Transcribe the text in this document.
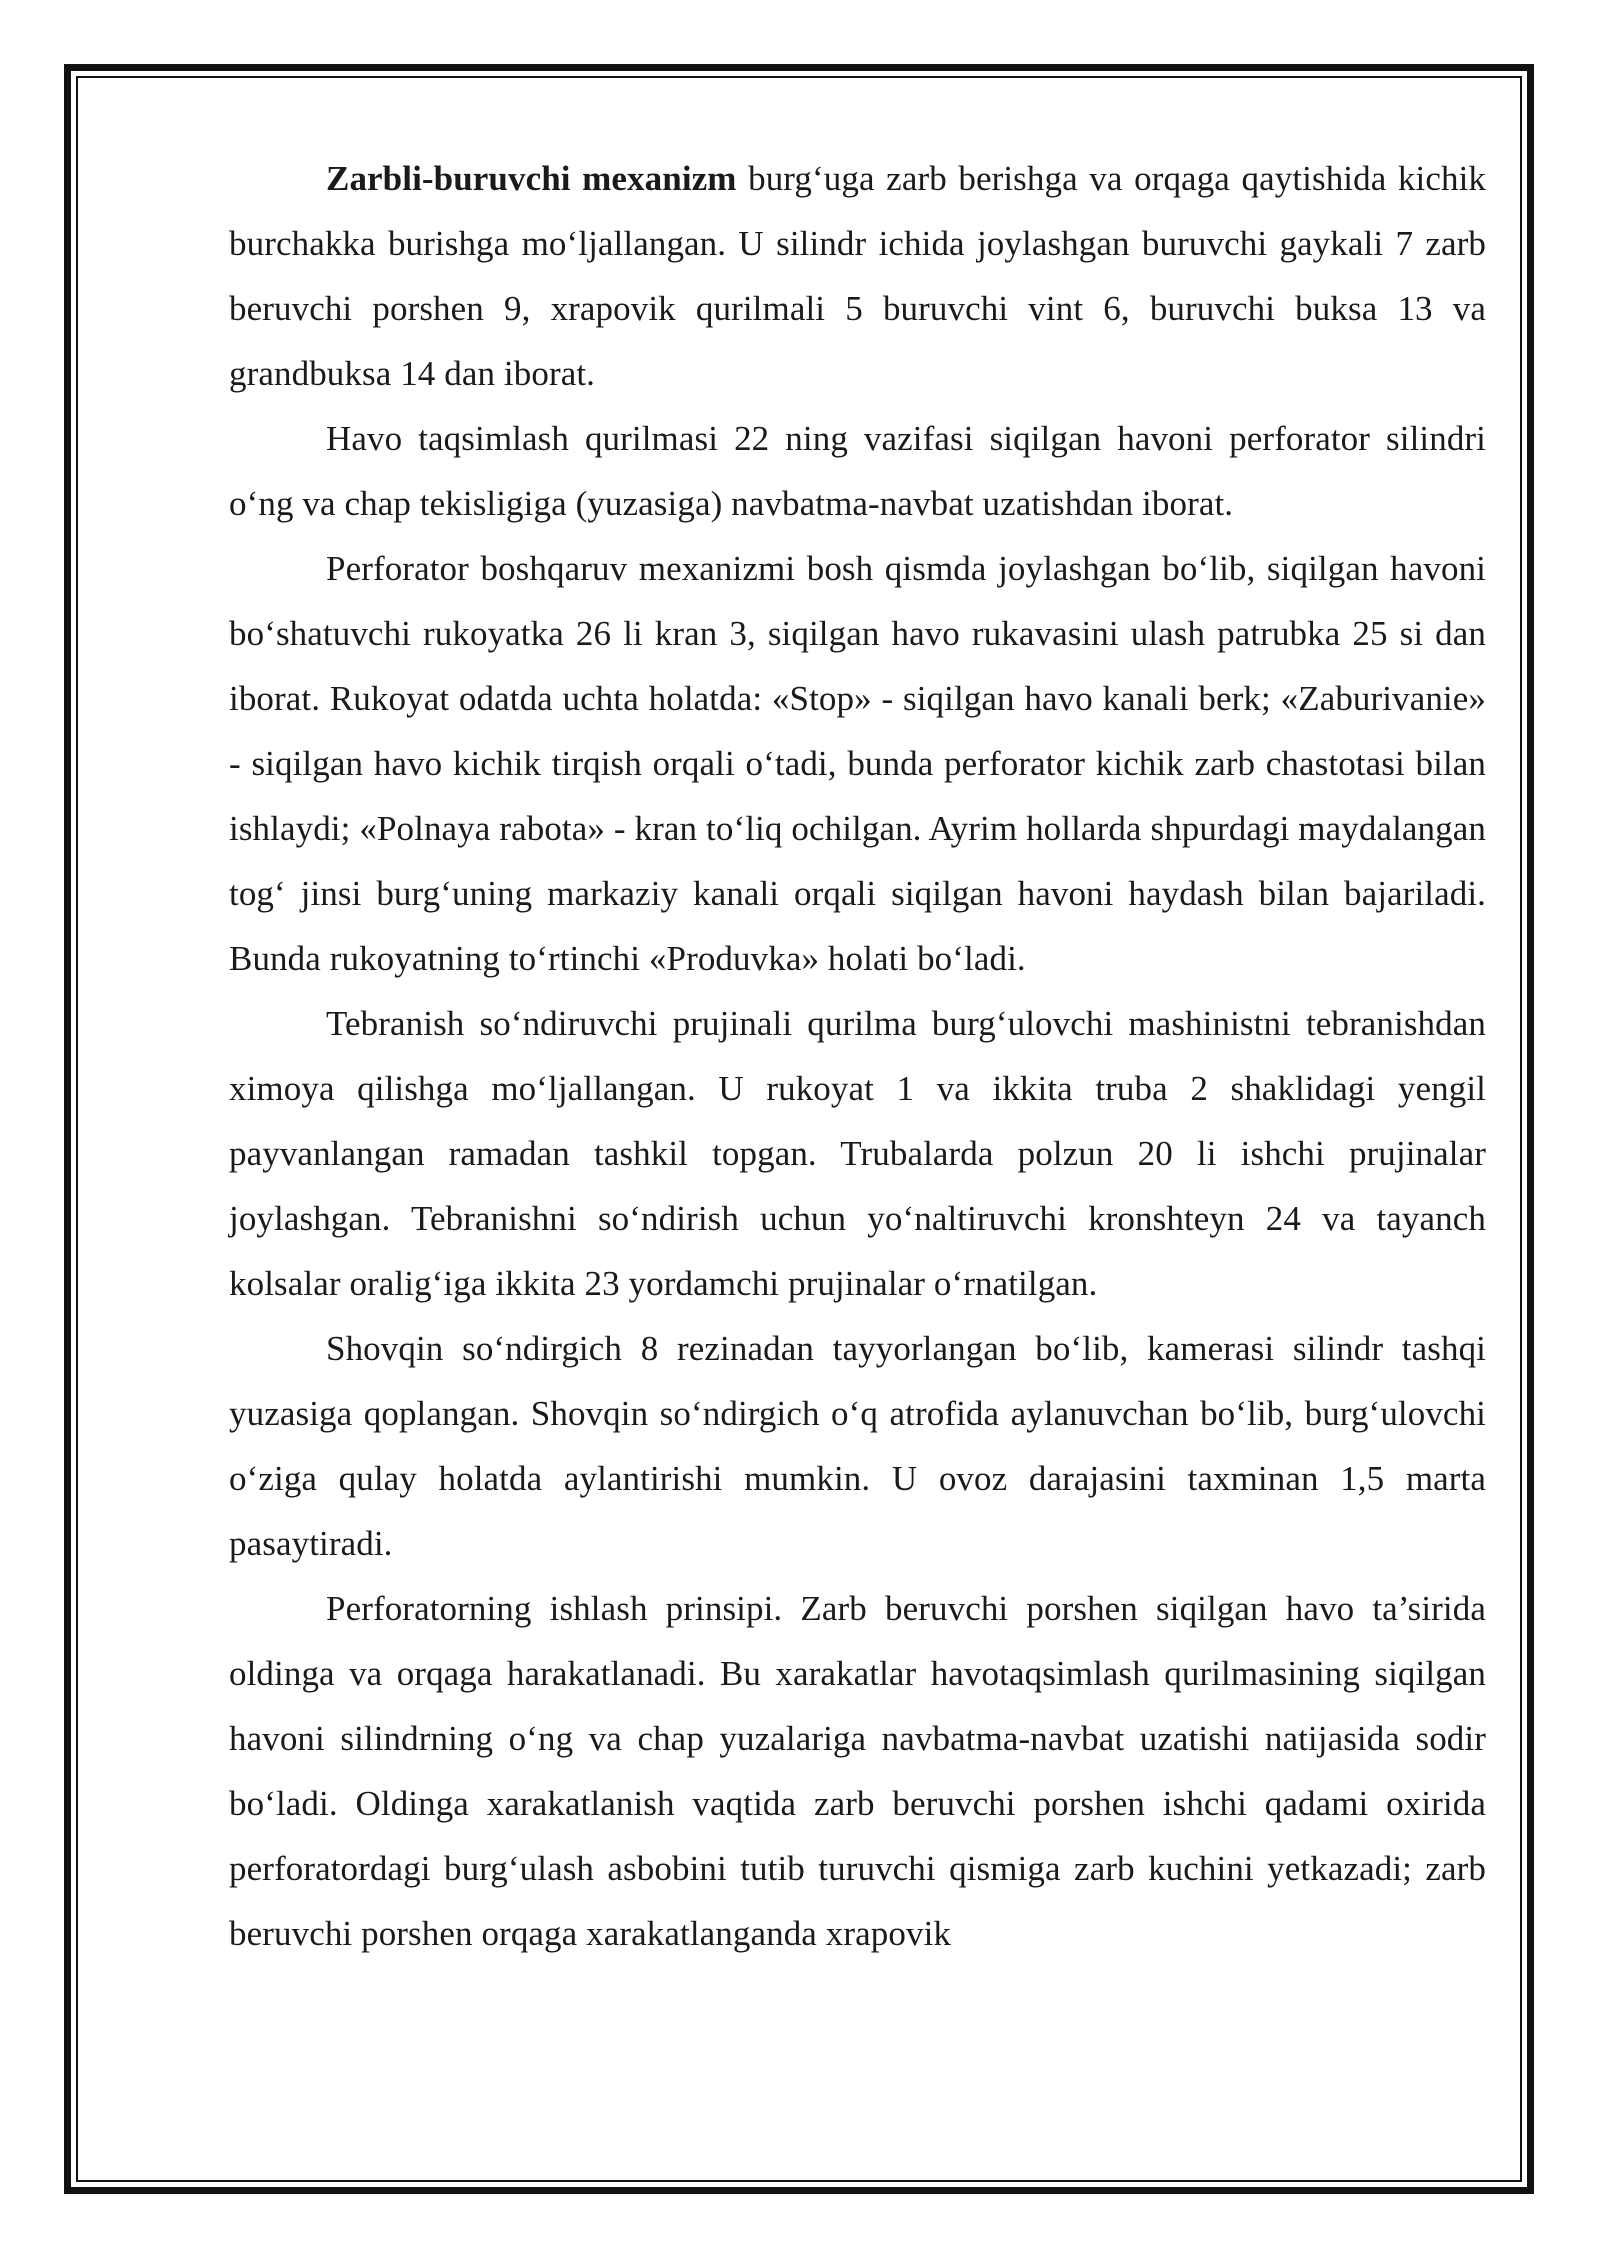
Zarbli-buruvchi mexanizm burg‘uga zarb berishga va orqaga qaytishida kichik burchakka burishga mo‘ljallangan. U silindr ichida joylashgan buruvchi gaykali 7 zarb beruvchi porshen 9, xrapovik qurilmali 5 buruvchi vint 6, buruvchi buksa 13 va grandbuksa 14 dan iborat.

Havo taqsimlash qurilmasi 22 ning vazifasi siqilgan havoni perforator silindri o‘ng va chap tekisligiga (yuzasiga) navbatma-navbat uzatishdan iborat.

Perforator boshqaruv mexanizmi bosh qismda joylashgan bo‘lib, siqilgan havoni bo‘shatuvchi rukoyatka 26 li kran 3, siqilgan havo rukavasini ulash patrubka 25 si dan iborat. Rukoyat odatda uchta holatda: «Stop» - siqilgan havo kanali berk; «Zaburivanie» - siqilgan havo kichik tirqish orqali o‘tadi, bunda perforator kichik zarb chastotasi bilan ishlaydi; «Polnaya rabota» - kran to‘liq ochilgan. Ayrim hollarda shpurdagi maydalangan tog‘ jinsi burg‘uning markaziy kanali orqali siqilgan havoni haydash bilan bajariladi. Bunda rukoyatning to‘rtinchi «Produvka» holati bo‘ladi.

Tebranish so‘ndiruvchi prujinali qurilma burg‘ulovchi mashinistni tebranishdan ximoya qilishga mo‘ljallangan. U rukoyat 1 va ikkita truba 2 shaklidagi yengil payvanlangan ramadan tashkil topgan. Trubalarda polzun 20 li ishchi prujinalar joylashgan. Tebranishni so‘ndirish uchun yo‘naltiruvchi kronshteyn 24 va tayanch kolsalar oralig‘iga ikkita 23 yordamchi prujinalar o‘rnatilgan.

Shovqin so‘ndirgich 8 rezinadan tayyorlangan bo‘lib, kamerasi silindr tashqi yuzasiga qoplangan. Shovqin so‘ndirgich o‘q atrofida aylanuvchan bo‘lib, burg‘ulovchi o‘ziga qulay holatda aylantirishi mumkin. U ovoz darajasini taxminan 1,5 marta pasaytiradi.

Perforatorning ishlash prinsipi. Zarb beruvchi porshen siqilgan havo ta’sirida oldinga va orqaga harakatlanadi. Bu xarakatlar havotaqsimlash qurilmasining siqilgan havoni silindrning o‘ng va chap yuzalariga navbatma-navbat uzatishi natijasida sodir bo‘ladi. Oldinga xarakatlanish vaqtida zarb beruvchi porshen ishchi qadami oxirida perforatordagi burg‘ulash asbobini tutib turuvchi qismiga zarb kuchini yetkazadi; zarb beruvchi porshen orqaga xarakatlanganda xrapovik
